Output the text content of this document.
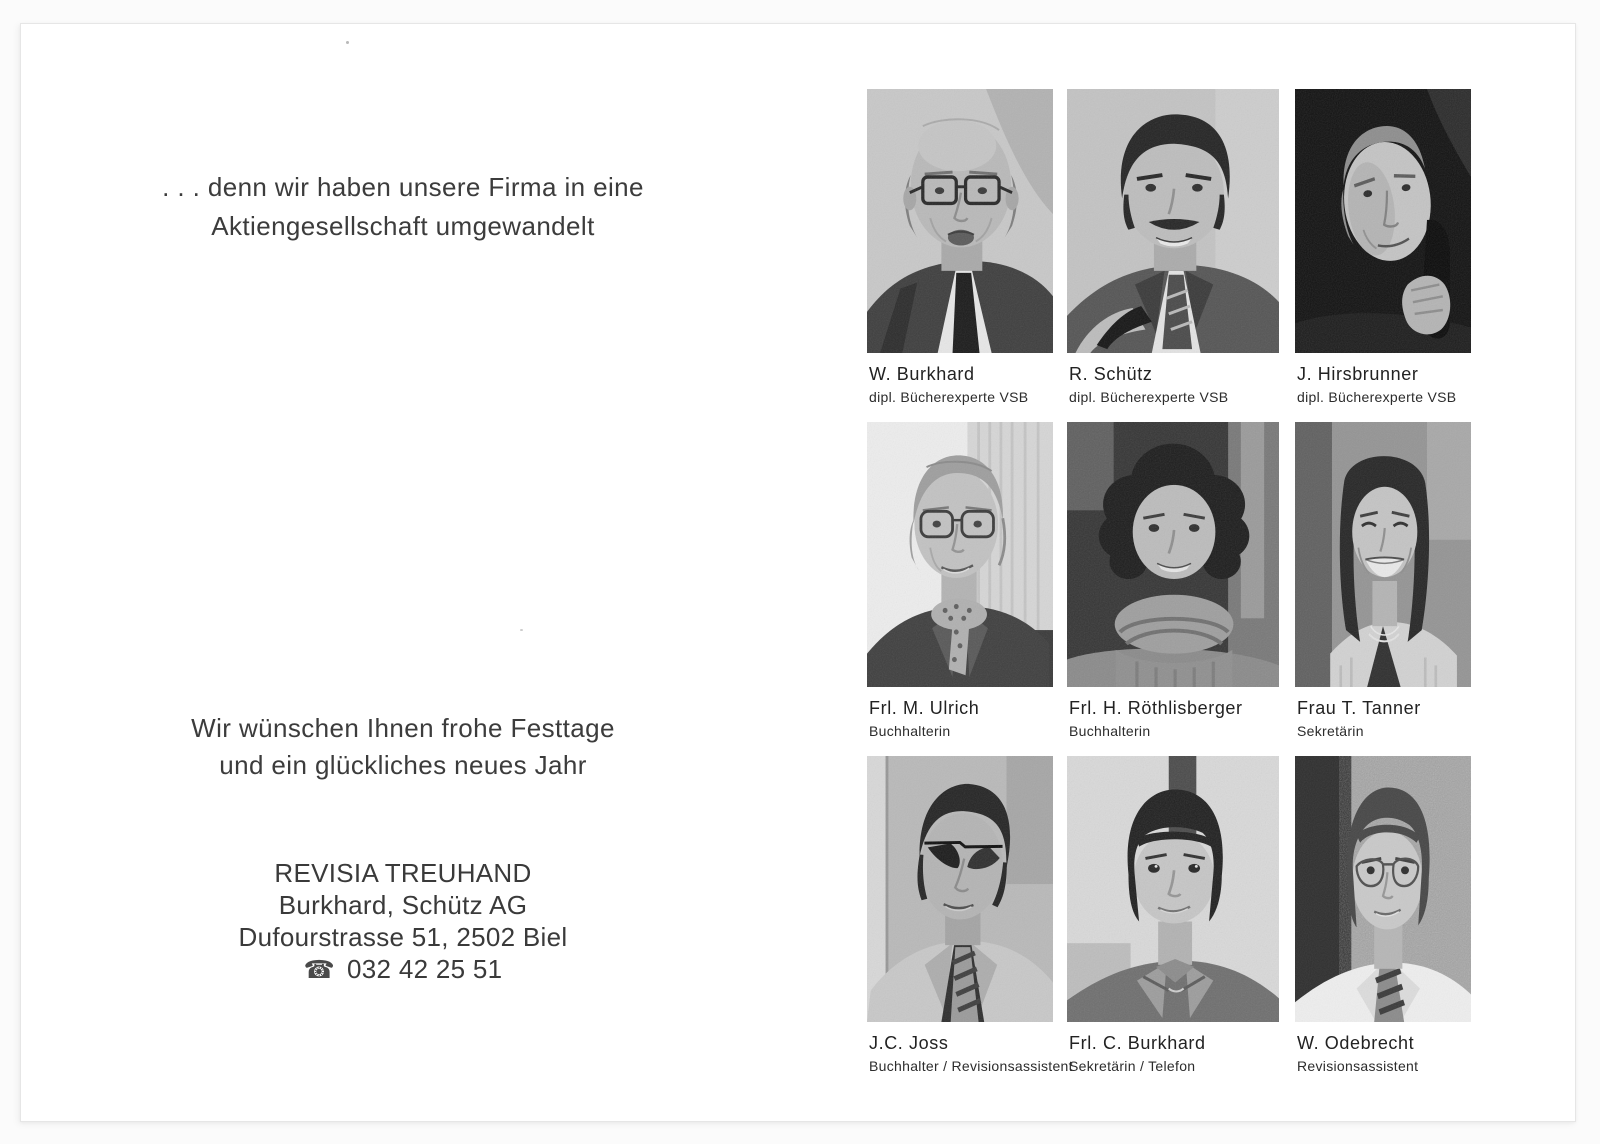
. . . denn wir haben unsere Firma in eine
Aktiengesellschaft umgewandelt
Wir wünschen Ihnen frohe Festtage
und ein glückliches neues Jahr
REVISIA TREUHAND
Burkhard, Schütz AG
Dufourstrasse 51, 2502 Biel
☎ 032 42 25 51
W. Burkhard
dipl. Bücherexperte VSB
R. Schütz
dipl. Bücherexperte VSB
J. Hirsbrunner
dipl. Bücherexperte VSB
Frl. M. Ulrich
Buchhalterin
Frl. H. Röthlisberger
Buchhalterin
Frau T. Tanner
Sekretärin
J.C. Joss
Buchhalter / Revisionsassistent
Frl. C. Burkhard
Sekretärin / Telefon
W. Odebrecht
Revisionsassistent
